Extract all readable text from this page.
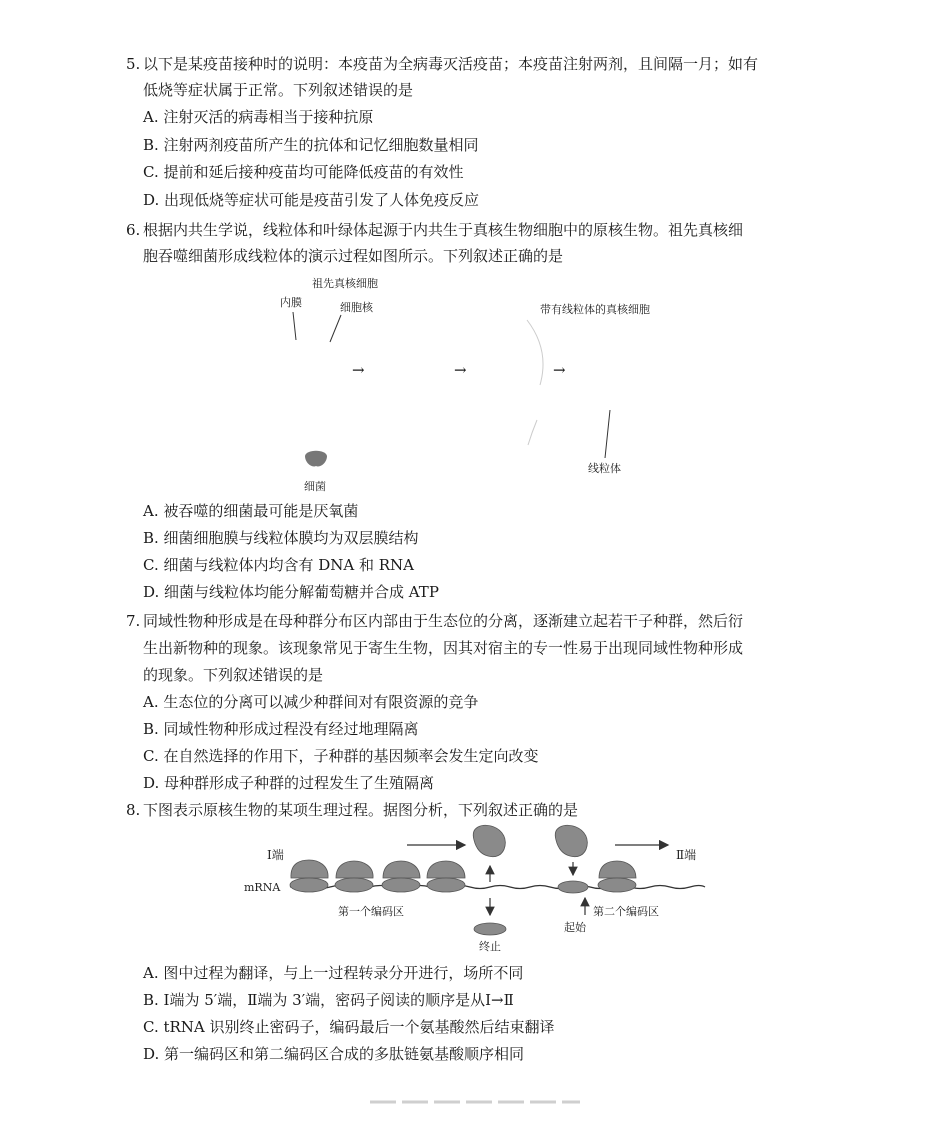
5. 以下是某疫苗接种时的说明：本疫苗为全病毒灭活疫苗；本疫苗注射两剂，且间隔一月；如有
低烧等症状属于正常。下列叙述错误的是
A. 注射灭活的病毒相当于接种抗原
B. 注射两剂疫苗所产生的抗体和记忆细胞数量相同
C. 提前和延后接种疫苗均可能降低疫苗的有效性
D. 出现低烧等症状可能是疫苗引发了人体免疫反应
6. 根据内共生学说，线粒体和叶绿体起源于内共生于真核生物细胞中的原核生物。祖先真核细
胞吞噬细菌形成线粒体的演示过程如图所示。下列叙述正确的是
祖先真核细胞
内膜	细胞核	带有线粒体的真核细胞
→	→	→
细菌
线粒体
A. 被吞噬的细菌最可能是厌氧菌
B. 细菌细胞膜与线粒体膜均为双层膜结构
C. 细菌与线粒体内均含有 DNA 和 RNA
D. 细菌与线粒体均能分解葡萄糖并合成 ATP
7. 同域性物种形成是在母种群分布区内部由于生态位的分离，逐渐建立起若干子种群，然后衍
生出新物种的现象。该现象常见于寄生生物，因其对宿主的专一性易于出现同域性物种形成
的现象。下列叙述错误的是
A. 生态位的分离可以减少种群间对有限资源的竞争
B. 同域性物种形成过程没有经过地理隔离
C. 在自然选择的作用下，子种群的基因频率会发生定向改变
D. 母种群形成子种群的过程发生了生殖隔离
8. 下图表示原核生物的某项生理过程。据图分析，下列叙述正确的是
Ⅰ端	Ⅱ端
mRNA
第一个编码区	第二个编码区
终止
起始
A. 图中过程为翻译，与上一过程转录分开进行，场所不同
B. Ⅰ端为 5′端，Ⅱ端为 3′端，密码子阅读的顺序是从Ⅰ→Ⅱ
C. tRNA 识别终止密码子，编码最后一个氨基酸然后结束翻译
D. 第一编码区和第二编码区合成的多肽链氨基酸顺序相同
